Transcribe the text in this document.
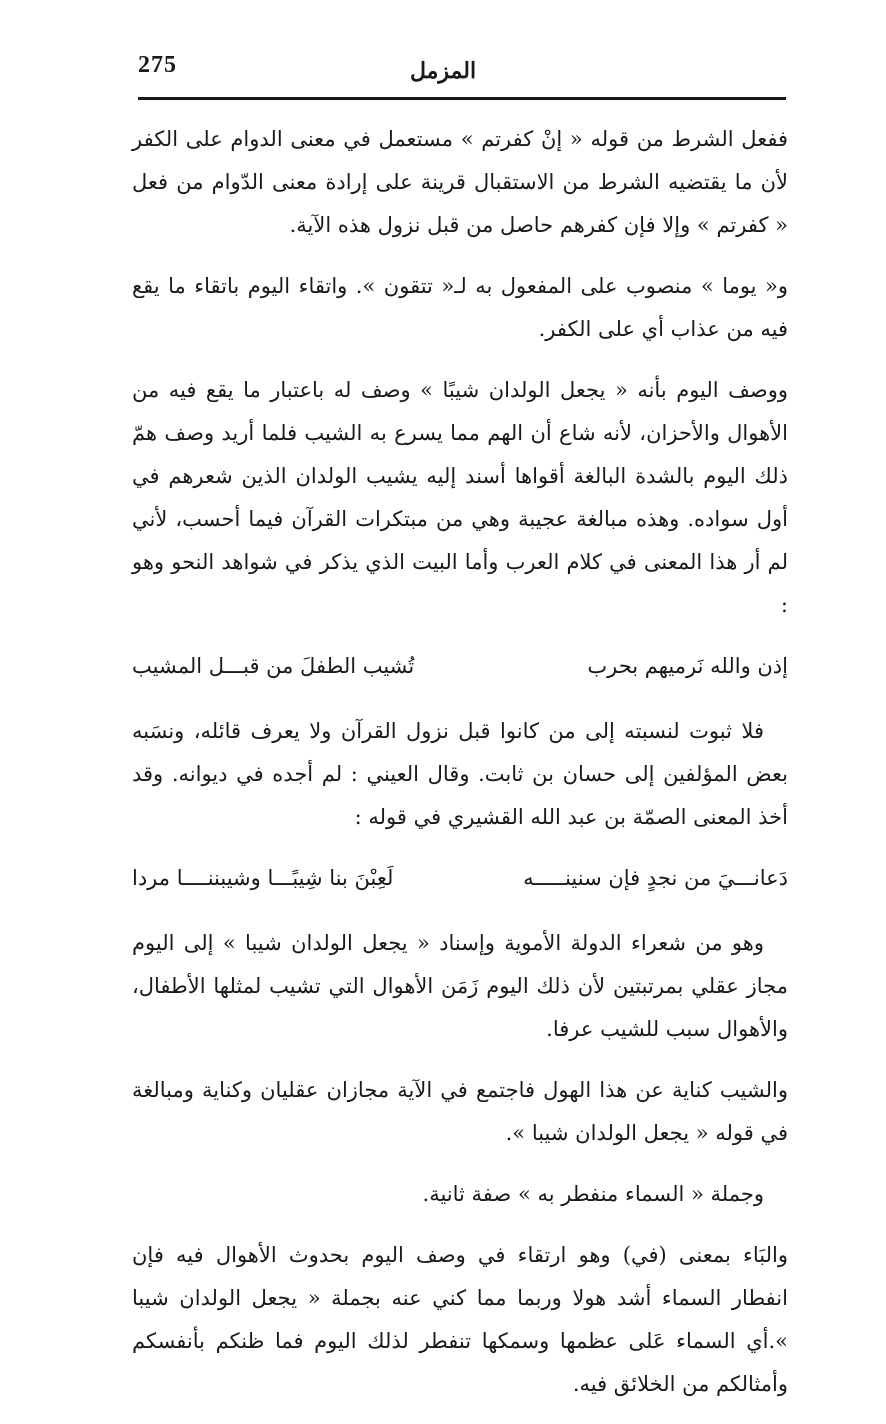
275	المزمل

ففعل الشرط من قوله « إنْ كفرتم » مستعمل في معنى الدوام على الكفر لأن ما يقتضيه الشرط من الاستقبال قرينة على إرادة معنى الدّوام من فعل « كفرتم » وإلا فإن كفرهم حاصل من قبل نزول هذه الآية.

و« يوما » منصوب على المفعول به لـ« تتقون ». واتقاء اليوم باتقاء ما يقع فيه من عذاب أي على الكفر.

ووصف اليوم بأنه « يجعل الولدان شيبًا » وصف له باعتبار ما يقع فيه من الأهوال والأحزان، لأنه شاع أن الهم مما يسرع به الشيب فلما أريد وصف همّ ذلك اليوم بالشدة البالغة أقواها أسند إليه يشيب الولدان الذين شعرهم في أول سواده. وهذه مبالغة عجيبة وهي من مبتكرات القرآن فيما أحسب، لأني لم أر هذا المعنى في كلام العرب وأما البيت الذي يذكر في شواهد النحو وهو :

إذن والله نَرميهم بحرب
تُشيب الطفلَ من قبـــل المشيب

فلا ثبوت لنسبته إلى من كانوا قبل نزول القرآن ولا يعرف قائله، ونسَبه بعض المؤلفين إلى حسان بن ثابت. وقال العيني : لم أجده في ديوانه. وقد أخذ المعنى الصمّة بن عبد الله القشيري في قوله :

دَعانـــيَ من نجدٍ فإن سنينـــــه
لَعِبْنَ بنا شِيبًـــا وشيبننــــا مردا

وهو من شعراء الدولة الأموية وإسناد « يجعل الولدان شيبا » إلى اليوم مجاز عقلي بمرتبتين لأن ذلك اليوم زَمَن الأهوال التي تشيب لمثلها الأطفال، والأهوال سبب للشيب عرفا.

والشيب كناية عن هذا الهول فاجتمع في الآية مجازان عقليان وكناية ومبالغة في قوله « يجعل الولدان شيبا ».

وجملة « السماء منفطر به » صفة ثانية.

والبَاء بمعنى (في) وهو ارتقاء في وصف اليوم بحدوث الأهوال فيه فإن انفطار السماء أشد هولا وربما مما كني عنه بجملة « يجعل الولدان شيبا ».أي السماء عَلى عظمها وسمكها تنفطر لذلك اليوم فما ظنكم بأنفسكم وأمثالكم من الخلائق فيه.
